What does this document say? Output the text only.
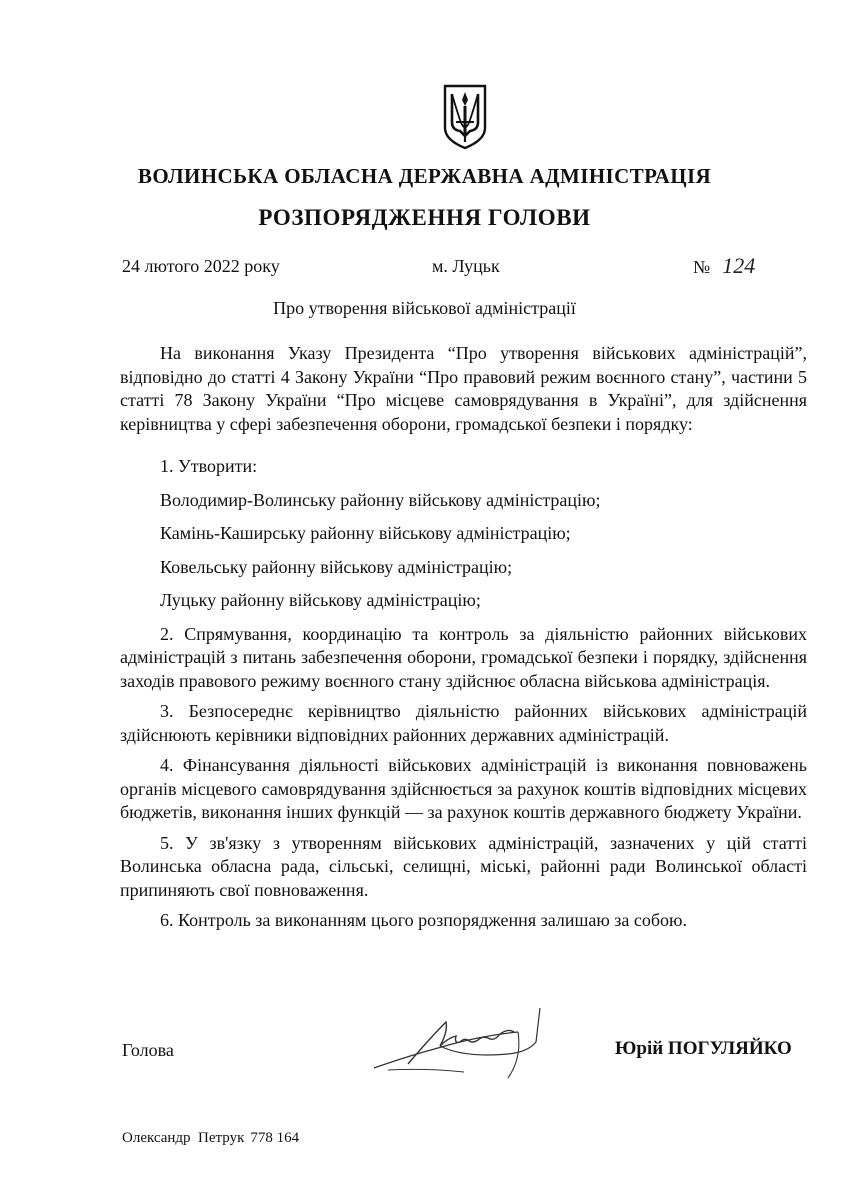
ВОЛИНСЬКА ОБЛАСНА ДЕРЖАВНА АДМІНІСТРАЦІЯ
РОЗПОРЯДЖЕННЯ ГОЛОВИ
24 лютого 2022 року	м. Луцьк	№ 124
Про утворення військової адміністрації

На виконання Указу Президента “Про утворення військових адміністрацій”, відповідно до статті 4 Закону України “Про правовий режим воєнного стану”, частини 5 статті 78 Закону України “Про місцеве самоврядування в Україні”, для здійснення керівництва у сфері забезпечення оборони, громадської безпеки і порядку:

1. Утворити:

Володимир-Волинську районну військову адміністрацію;

Камінь-Каширську районну військову адміністрацію;

Ковельську районну військову адміністрацію;

Луцьку районну військову адміністрацію;

2. Спрямування, координацію та контроль за діяльністю районних військових адміністрацій з питань забезпечення оборони, громадської безпеки і порядку, здійснення заходів правового режиму воєнного стану здійснює обласна військова адміністрація.

3. Безпосереднє керівництво діяльністю районних військових адміністрацій здійснюють керівники відповідних районних державних адміністрацій.

4. Фінансування діяльності військових адміністрацій із виконання повноважень органів місцевого самоврядування здійснюється за рахунок коштів відповідних місцевих бюджетів, виконання інших функцій — за рахунок коштів державного бюджету України.

5. У зв'язку з утворенням військових адміністрацій, зазначених у цій статті Волинська обласна рада, сільські, селищні, міські, районні ради Волинської області припиняють свої повноваження.

6. Контроль за виконанням цього розпорядження залишаю за собою.

Голова	Юрій ПОГУЛЯЙКО
Олександр  Петрук 778 164
